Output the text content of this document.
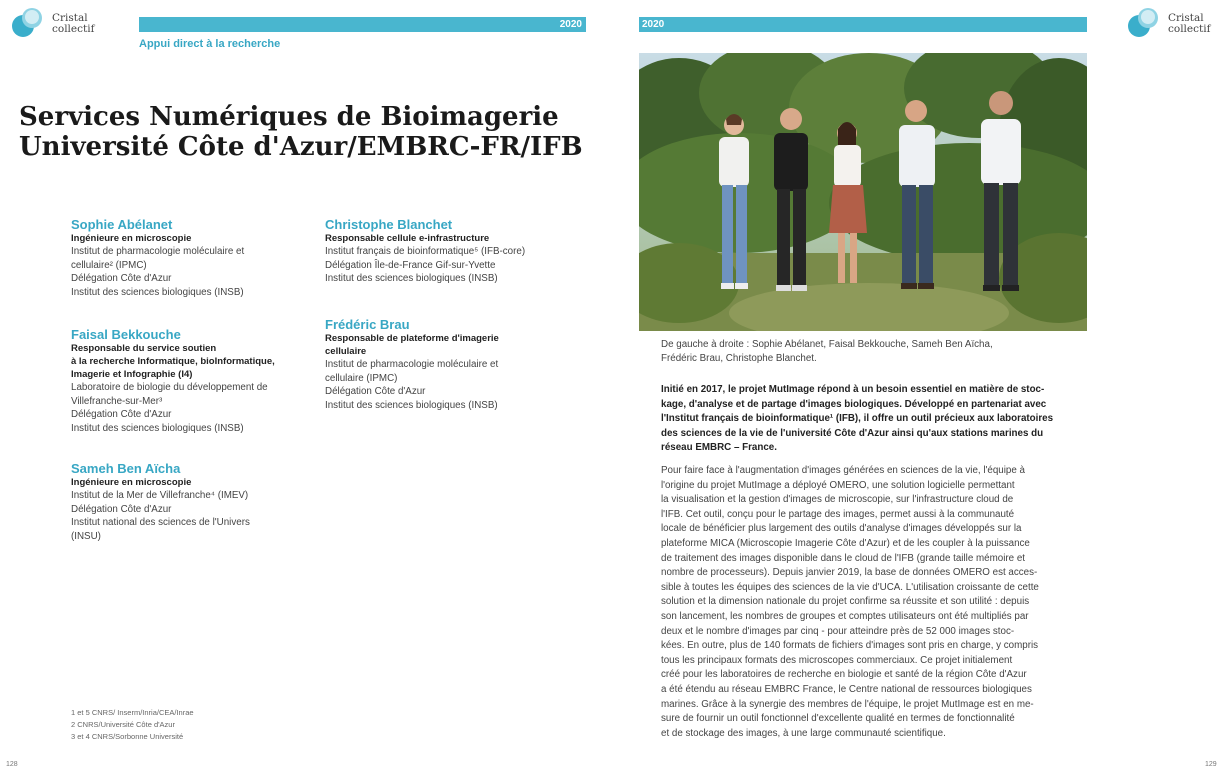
Cristal
collectif	2020
Appui direct à la recherche
Services Numériques de Bioimagerie
Université Côte d'Azur/EMBRC-FR/IFB
Sophie Abélanet
Ingénieure en microscopie
Institut de pharmacologie moléculaire et
cellulaire² (IPMC)
Délégation Côte d'Azur
Institut des sciences biologiques (INSB)
Faisal Bekkouche
Responsable du service soutien
à la recherche Informatique, bioInformatique,
Imagerie et Infographie (I4)
Laboratoire de biologie du développement de
Villefranche-sur-Mer³
Délégation Côte d'Azur
Institut des sciences biologiques (INSB)
Sameh Ben Aïcha
Ingénieure en microscopie
Institut de la Mer de Villefranche⁴ (IMEV)
Délégation Côte d'Azur
Institut national des sciences de l'Univers
(INSU)
Christophe Blanchet
Responsable cellule e-infrastructure
Institut français de bioinformatique⁵ (IFB-core)
Délégation Île-de-France Gif-sur-Yvette
Institut des sciences biologiques (INSB)
Frédéric Brau
Responsable de plateforme d'imagerie
cellulaire
Institut de pharmacologie moléculaire et
cellulaire (IPMC)
Délégation Côte d'Azur
Institut des sciences biologiques (INSB)
1 et 5 CNRS/ Inserm/Inria/CEA/Inrae
2 CNRS/Université Côte d'Azur
3 et 4 CNRS/Sorbonne Université
128
2020
Cristal
collectif
De gauche à droite : Sophie Abélanet, Faisal Bekkouche, Sameh Ben Aïcha,
Frédéric Brau, Christophe Blanchet.
Initié en 2017, le projet MutImage répond à un besoin essentiel en matière de stoc-
kage, d'analyse et de partage d'images biologiques. Développé en partenariat avec
l'Institut français de bioinformatique¹ (IFB), il offre un outil précieux aux laboratoires
des sciences de la vie de l'université Côte d'Azur ainsi qu'aux stations marines du
réseau EMBRC – France.
Pour faire face à l'augmentation d'images générées en sciences de la vie, l'équipe à
l'origine du projet MutImage a déployé OMERO, une solution logicielle permettant
la visualisation et la gestion d'images de microscopie, sur l'infrastructure cloud de
l'IFB. Cet outil, conçu pour le partage des images, permet aussi à la communauté
locale de bénéficier plus largement des outils d'analyse d'images développés sur la
plateforme MICA (Microscopie Imagerie Côte d'Azur) et de les coupler à la puissance
de traitement des images disponible dans le cloud de l'IFB (grande taille mémoire et
nombre de processeurs). Depuis janvier 2019, la base de données OMERO est acces-
sible à toutes les équipes des sciences de la vie d'UCA. L'utilisation croissante de cette
solution et la dimension nationale du projet confirme sa réussite et son utilité : depuis
son lancement, les nombres de groupes et comptes utilisateurs ont été multipliés par
deux et le nombre d'images par cinq - pour atteindre près de 52 000 images stoc-
kées. En outre, plus de 140 formats de fichiers d'images sont pris en charge, y compris
tous les principaux formats des microscopes commerciaux. Ce projet initialement
créé pour les laboratoires de recherche en biologie et santé de la région Côte d'Azur
a été étendu au réseau EMBRC France, le Centre national de ressources biologiques
marines. Grâce à la synergie des membres de l'équipe, le projet MutImage est en me-
sure de fournir un outil fonctionnel d'excellente qualité en termes de fonctionnalité
et de stockage des images, à une large communauté scientifique.
129
